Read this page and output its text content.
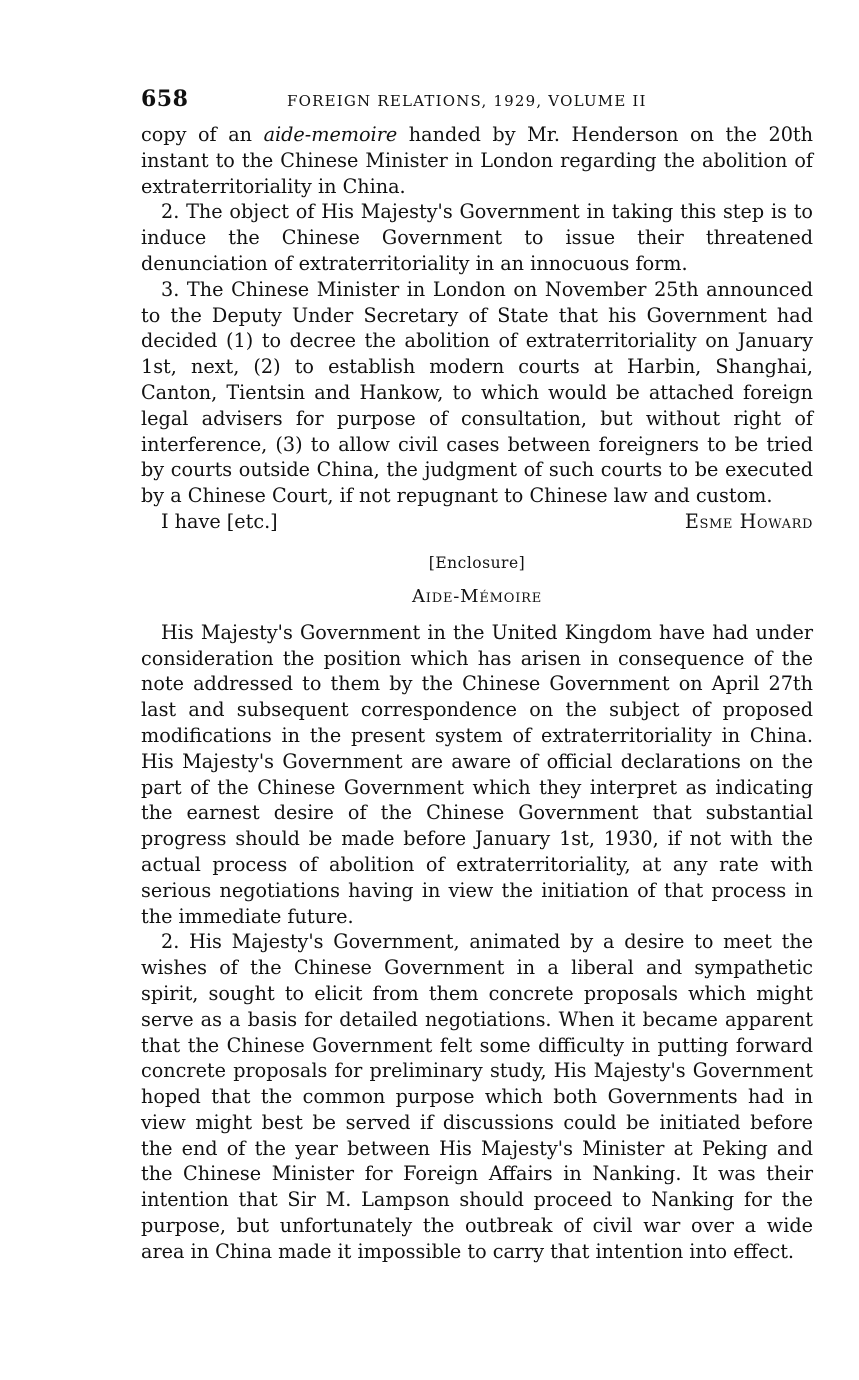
658	FOREIGN RELATIONS, 1929, VOLUME II

copy of an aide-memoire handed by Mr. Henderson on the 20th instant to the Chinese Minister in London regarding the abolition of extraterritoriality in China.

2. The object of His Majesty's Government in taking this step is to induce the Chinese Government to issue their threatened denunciation of extraterritoriality in an innocuous form.

3. The Chinese Minister in London on November 25th announced to the Deputy Under Secretary of State that his Government had decided (1) to decree the abolition of extraterritoriality on January 1st, next, (2) to establish modern courts at Harbin, Shanghai, Canton, Tientsin and Hankow, to which would be attached foreign legal advisers for purpose of consultation, but without right of interference, (3) to allow civil cases between foreigners to be tried by courts outside China, the judgment of such courts to be executed by a Chinese Court, if not repugnant to Chinese law and custom.

I have [etc.]	Esme Howard
[Enclosure]
Aide-Mémoire

His Majesty's Government in the United Kingdom have had under consideration the position which has arisen in consequence of the note addressed to them by the Chinese Government on April 27th last and subsequent correspondence on the subject of proposed modifications in the present system of extraterritoriality in China. His Majesty's Government are aware of official declarations on the part of the Chinese Government which they interpret as indicating the earnest desire of the Chinese Government that substantial progress should be made before January 1st, 1930, if not with the actual process of abolition of extraterritoriality, at any rate with serious negotiations having in view the initiation of that process in the immediate future.

2. His Majesty's Government, animated by a desire to meet the wishes of the Chinese Government in a liberal and sympathetic spirit, sought to elicit from them concrete proposals which might serve as a basis for detailed negotiations. When it became apparent that the Chinese Government felt some difficulty in putting forward concrete proposals for preliminary study, His Majesty's Government hoped that the common purpose which both Governments had in view might best be served if discussions could be initiated before the end of the year between His Majesty's Minister at Peking and the Chinese Minister for Foreign Affairs in Nanking. It was their intention that Sir M. Lampson should proceed to Nanking for the purpose, but unfortunately the outbreak of civil war over a wide area in China made it impossible to carry that intention into effect.
